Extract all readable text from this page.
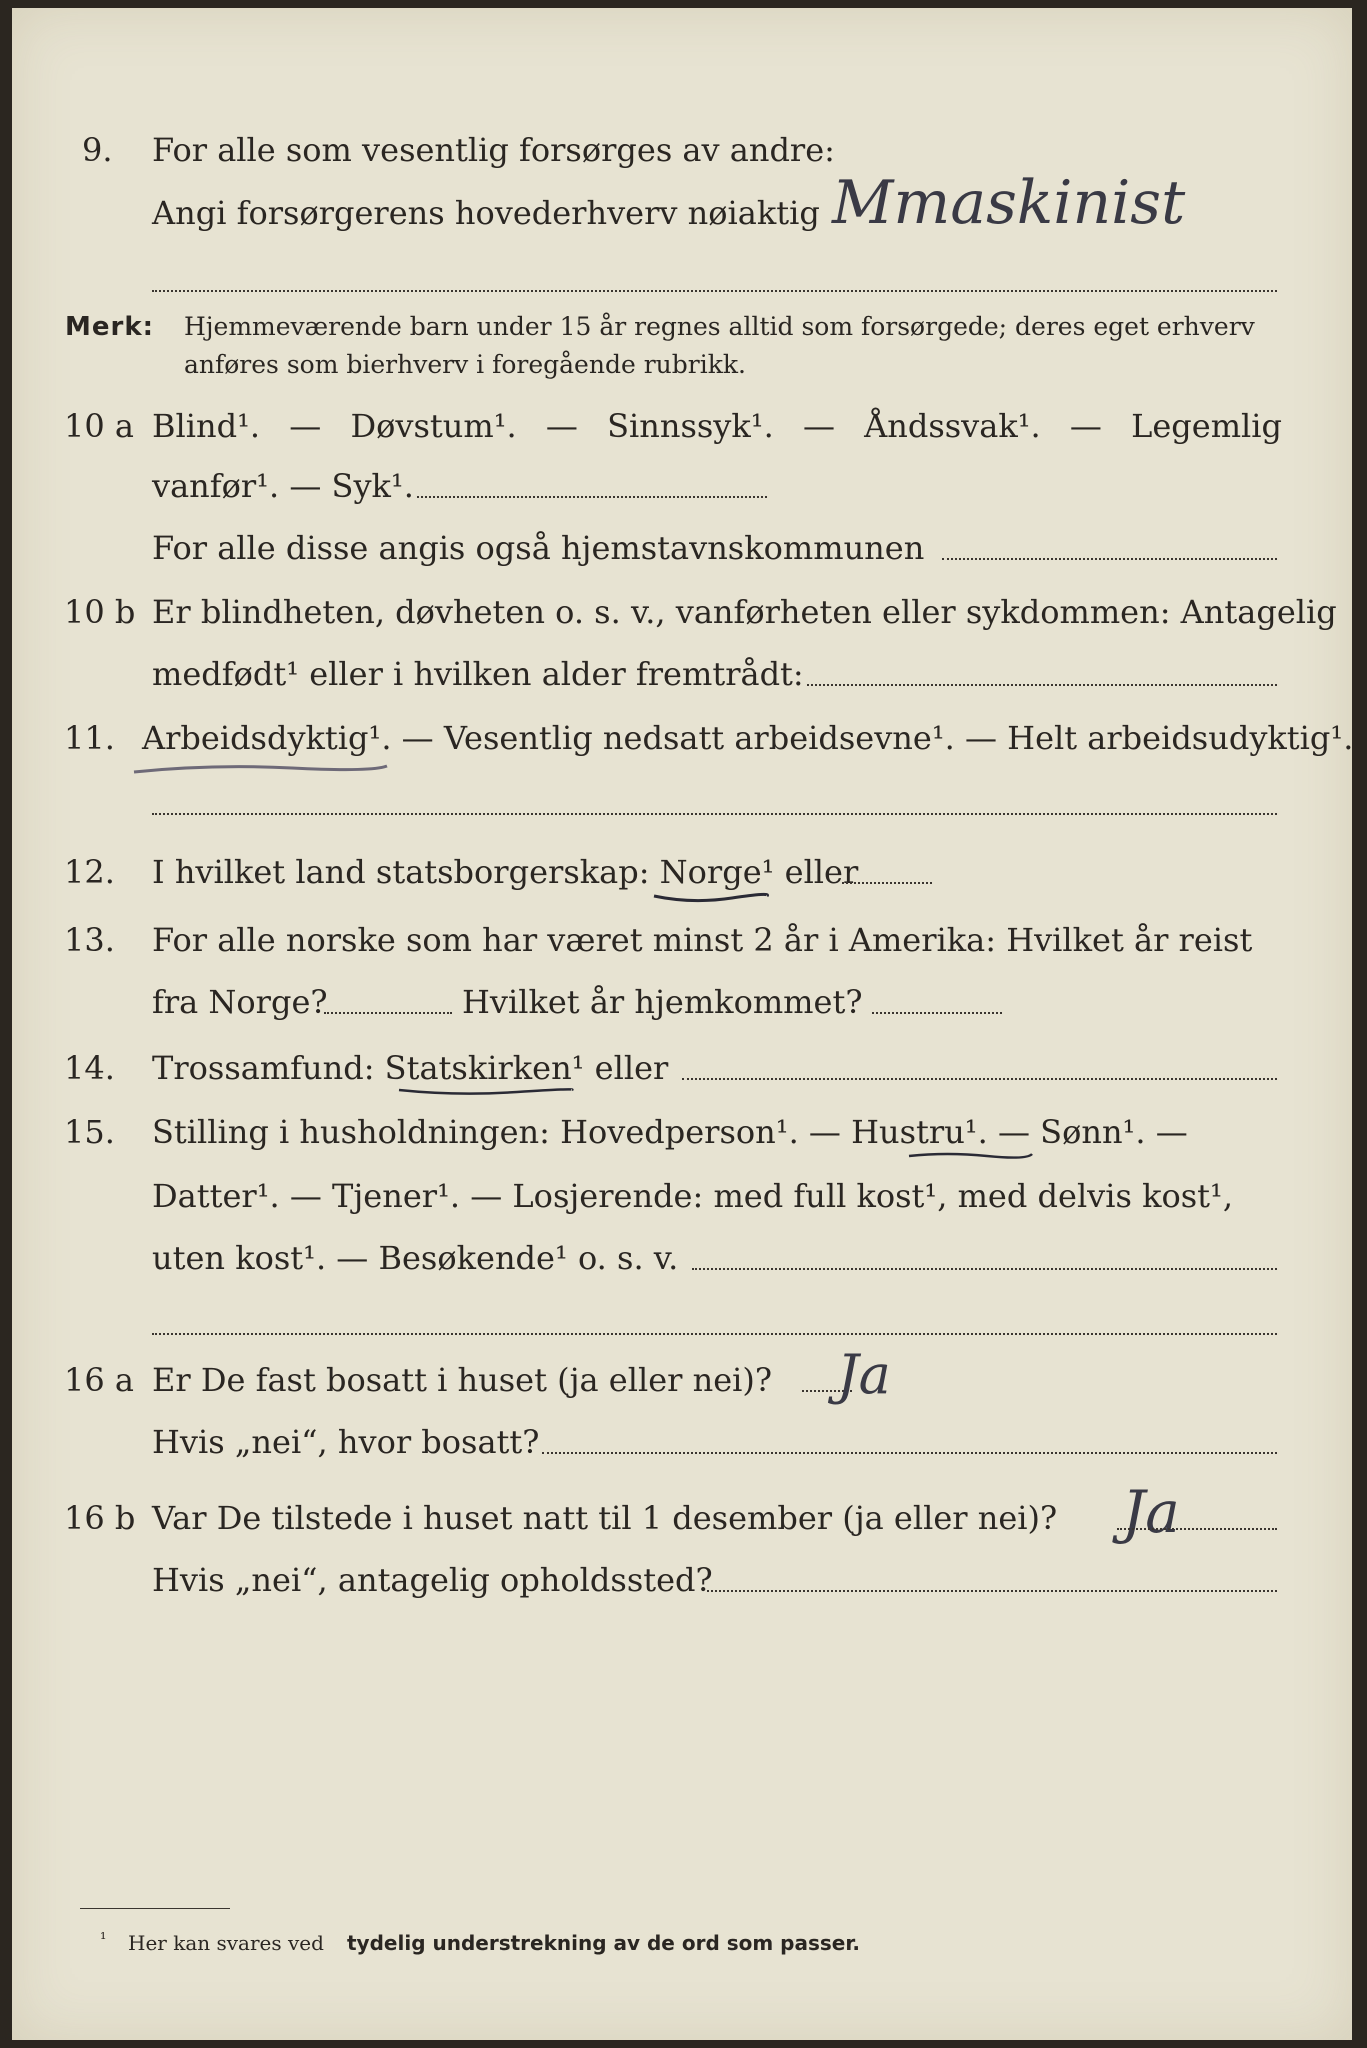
9. For alle som vesentlig forsørges av andre:
Angi forsørgerens hovederhverv nøiaktig Mmaskinist
Merk: Hjemmeværende barn under 15 år regnes alltid som forsørgede; deres eget erhverv
anføres som bierhverv i foregående rubrikk.
10 a Blind¹. — Døvstum¹. — Sinnssyk¹. — Åndssvak¹. — Legemlig
vanfør¹. — Syk¹.
For alle disse angis også hjemstavnskommunen
10 b Er blindheten, døvheten o. s. v., vanførheten eller sykdommen: Antagelig
medfødt¹ eller i hvilken alder fremtrådt:
11. Arbeidsdyktig¹. — Vesentlig nedsatt arbeidsevne¹. — Helt arbeidsudyktig¹.
12. I hvilket land statsborgerskap: Norge¹ eller
13. For alle norske som har været minst 2 år i Amerika: Hvilket år reist
fra Norge?	Hvilket år hjemkommet?
14. Trossamfund: Statskirken¹ eller
15. Stilling i husholdningen: Hovedperson¹. — Hustru¹. — Sønn¹. —
Datter¹. — Tjener¹. — Losjerende: med full kost¹, med delvis kost¹,
uten kost¹. — Besøkende¹ o. s. v.
16 a Er De fast bosatt i huset (ja eller nei)? Ja
Hvis „nei“, hvor bosatt?
16 b Var De tilstede i huset natt til 1 desember (ja eller nei)? Ja
Hvis „nei“, antagelig opholdssted?
¹ Her kan svares ved tydelig understrekning av de ord som passer.
